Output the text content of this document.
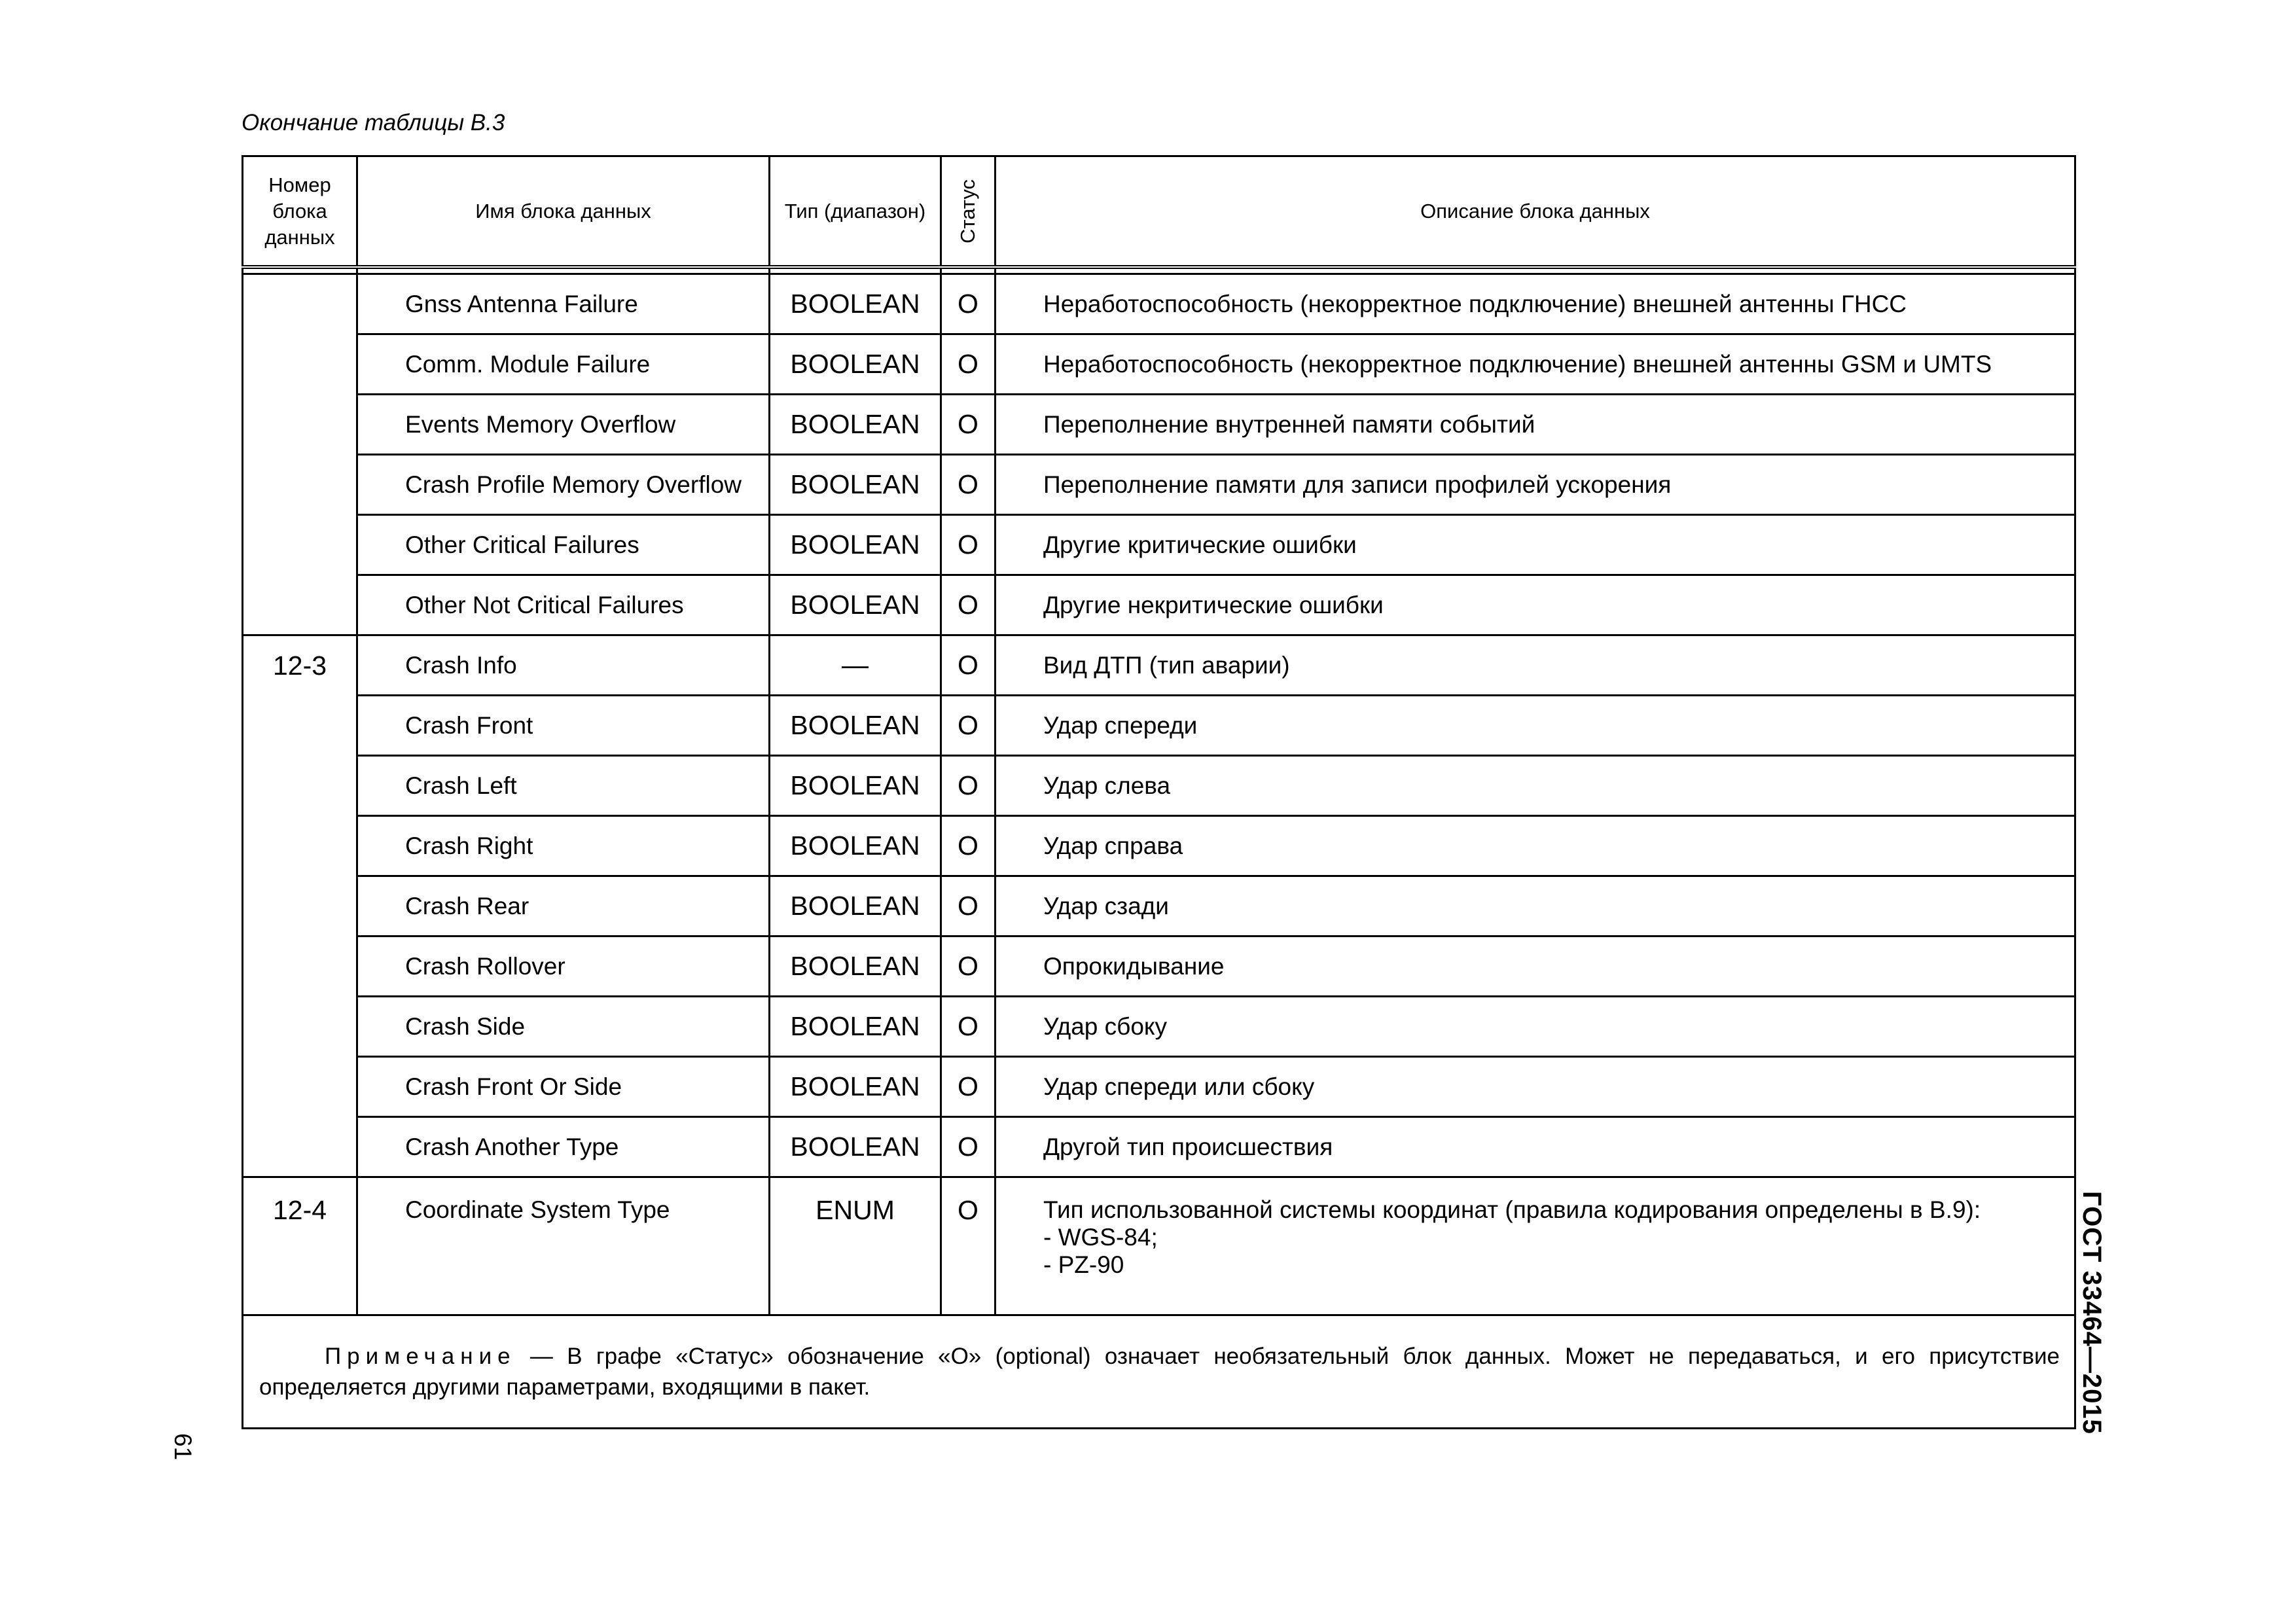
Окончание таблицы В.3
Номер блока данных	Имя блока данных	Тип (диапазон)	Статус	Описание блока данных

	Gnss Antenna Failure	BOOLEAN	O	Неработоспособность (некорректное подключение) внешней антенны ГНСС
	Comm. Module Failure	BOOLEAN	O	Неработоспособность (некорректное подключение) внешней антенны GSM и UMTS
	Events Memory Overflow	BOOLEAN	O	Переполнение внутренней памяти событий
	Crash Profile Memory Overflow	BOOLEAN	O	Переполнение памяти для записи профилей ускорения
	Other Critical Failures	BOOLEAN	O	Другие критические ошибки
	Other Not Critical Failures	BOOLEAN	O	Другие некритические ошибки
12-3	Crash Info	—	O	Вид ДТП (тип аварии)
	Crash Front	BOOLEAN	O	Удар спереди
	Crash Left	BOOLEAN	O	Удар слева
	Crash Right	BOOLEAN	O	Удар справа
	Crash Rear	BOOLEAN	O	Удар сзади
	Crash Rollover	BOOLEAN	O	Опрокидывание
	Crash Side	BOOLEAN	O	Удар сбоку
	Crash Front Or Side	BOOLEAN	O	Удар спереди или сбоку
	Crash Another Type	BOOLEAN	O	Другой тип происшествия
12-4	Coordinate System Type	ENUM	O	Тип использованной системы координат (правила кодирования определены в В.9):
- WGS-84;
- PZ-90

Примечание — В графе «Статус» обозначение «О» (optional) означает необязательный блок данных. Может не передаваться, и его присутствие определяется другими параметрами, входящими в пакет.					ГОСТ 33464—2015
61
